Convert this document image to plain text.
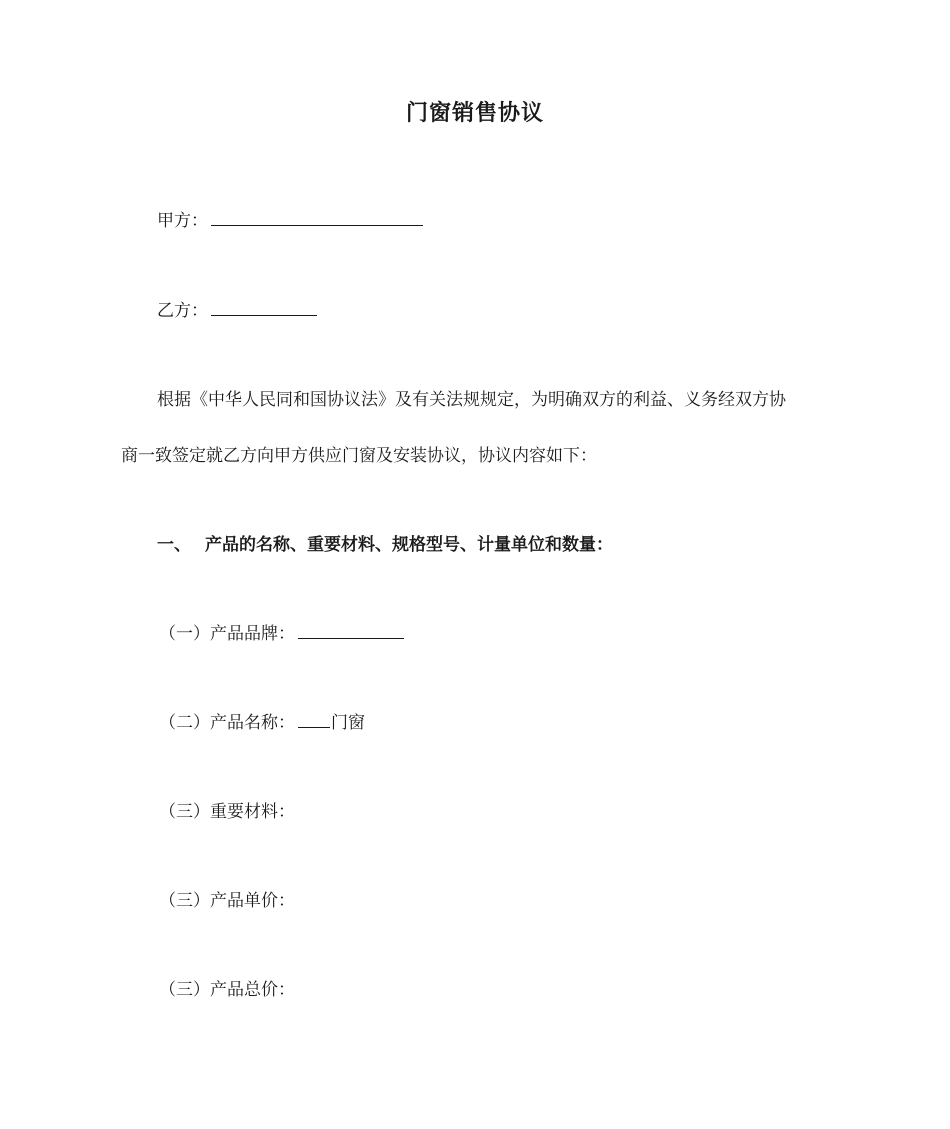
门窗销售协议

甲方：

乙方：

根据《中华人民同和国协议法》及有关法规规定，为明确双方的利益、义务经双方协

商一致签定就乙方向甲方供应门窗及安装协议，协议内容如下：

一、 产品的名称、重要材料、规格型号、计量单位和数量：

（一）产品品牌：

（二）产品名称： 门窗

（三）重要材料：

（三）产品单价：

（三）产品总价：
